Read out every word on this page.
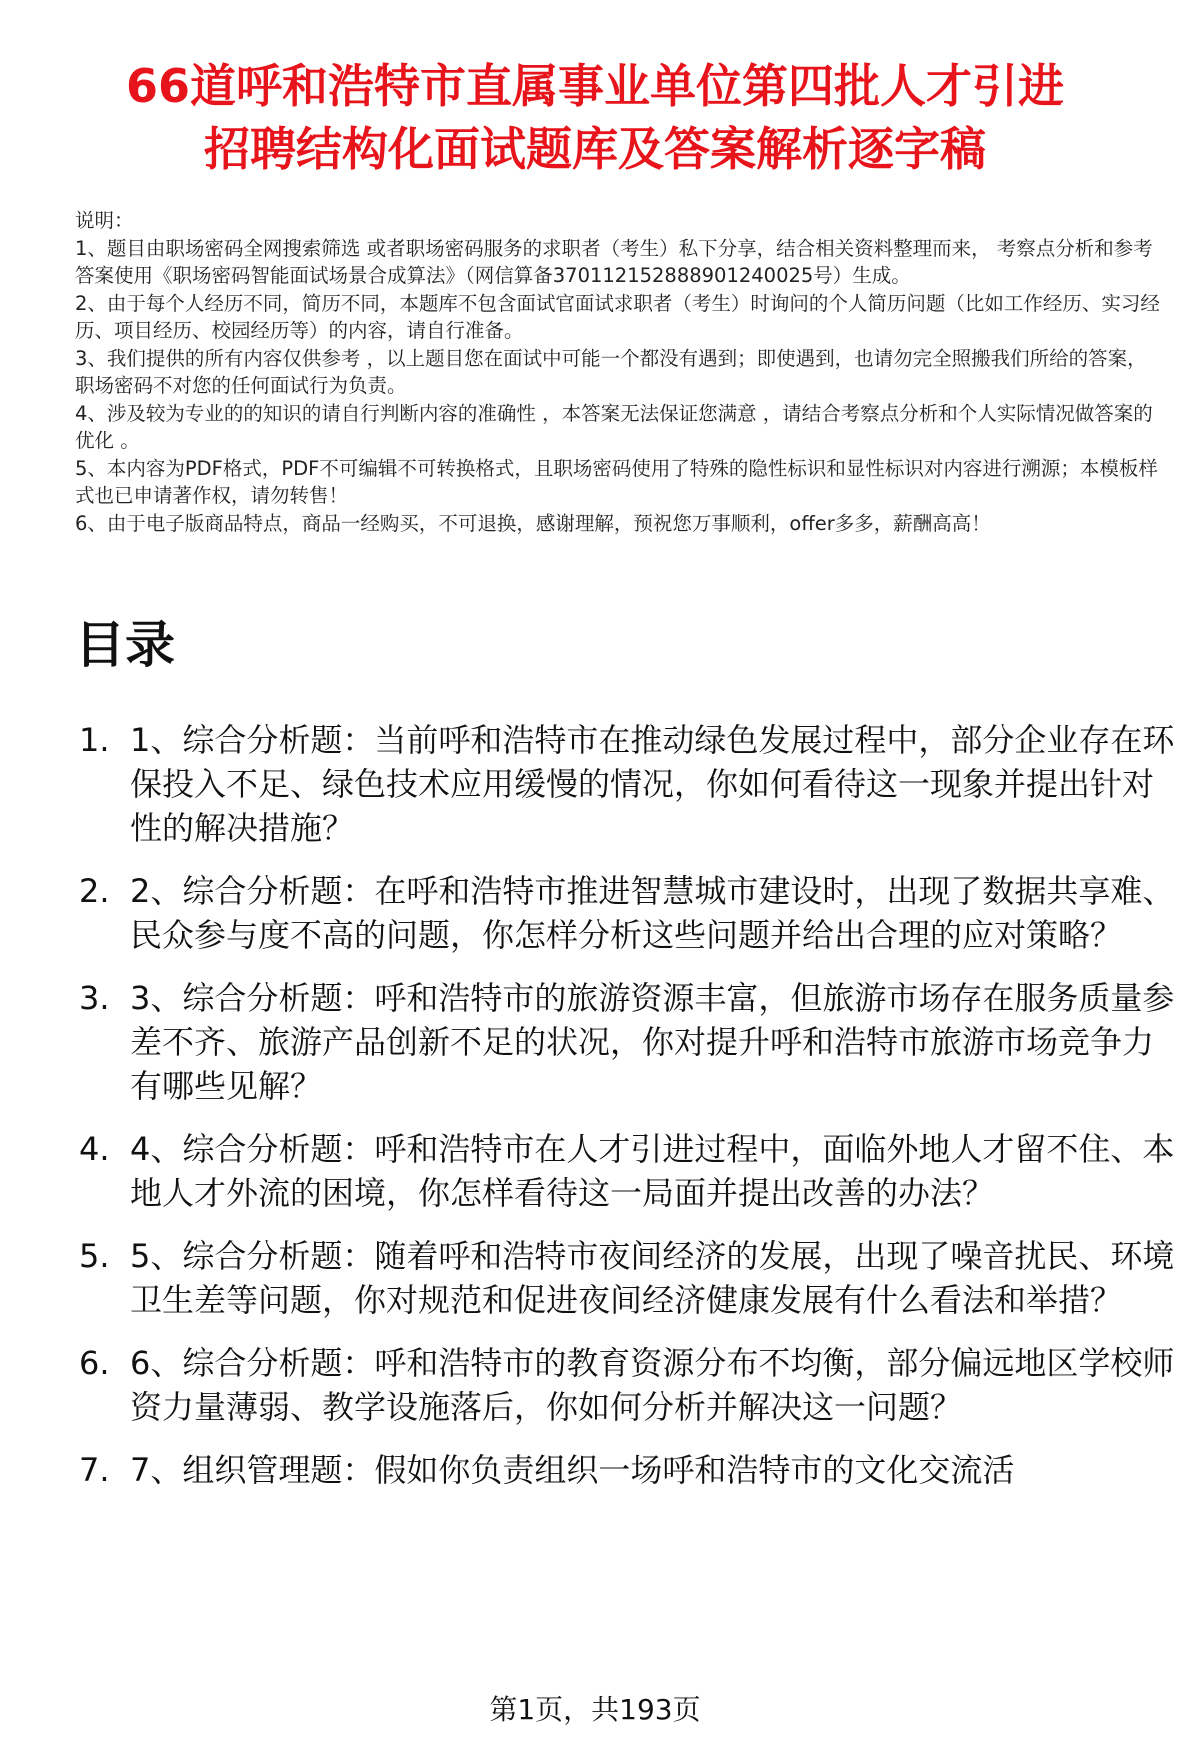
66道呼和浩特市直属事业单位第四批人才引进
招聘结构化面试题库及答案解析逐字稿

说明：

1、题目由职场密码全网搜索筛选 或者职场密码服务的求职者（考生）私下分享，结合相关资料整理而来， 考察点分析和参考答案使用《职场密码智能面试场景合成算法》（网信算备370112152888901240025号）生成。

2、由于每个人经历不同，简历不同，本题库不包含面试官面试求职者（考生）时询问的个人简历问题（比如工作经历、实习经历、项目经历、校园经历等）的内容，请自行准备。

3、我们提供的所有内容仅供参考 ，以上题目您在面试中可能一个都没有遇到；即使遇到，也请勿完全照搬我们所给的答案，职场密码不对您的任何面试行为负责。

4、涉及较为专业的的知识的请自行判断内容的准确性 ，本答案无法保证您满意 ，请结合考察点分析和个人实际情况做答案的优化 。

5、本内容为PDF格式，PDF不可编辑不可转换格式，且职场密码使用了特殊的隐性标识和显性标识对内容进行溯源；本模板样式也已申请著作权，请勿转售！

6、由于电子版商品特点，商品一经购买，不可退换，感谢理解，预祝您万事顺利，offer多多，薪酬高高！

目录
1. 1、综合分析题：当前呼和浩特市在推动绿色发展过程中，部分企业存在环保投入不足、绿色技术应用缓慢的情况，你如何看待这一现象并提出针对性的解决措施？
2. 2、综合分析题：在呼和浩特市推进智慧城市建设时，出现了数据共享难、民众参与度不高的问题，你怎样分析这些问题并给出合理的应对策略？
3. 3、综合分析题：呼和浩特市的旅游资源丰富，但旅游市场存在服务质量参差不齐、旅游产品创新不足的状况，你对提升呼和浩特市旅游市场竞争力有哪些见解？
4. 4、综合分析题：呼和浩特市在人才引进过程中，面临外地人才留不住、本地人才外流的困境，你怎样看待这一局面并提出改善的办法？
5. 5、综合分析题：随着呼和浩特市夜间经济的发展，出现了噪音扰民、环境卫生差等问题，你对规范和促进夜间经济健康发展有什么看法和举措？
6. 6、综合分析题：呼和浩特市的教育资源分布不均衡，部分偏远地区学校师资力量薄弱、教学设施落后，你如何分析并解决这一问题？
7. 7、组织管理题：假如你负责组织一场呼和浩特市的文化交流活
第1页，共193页
